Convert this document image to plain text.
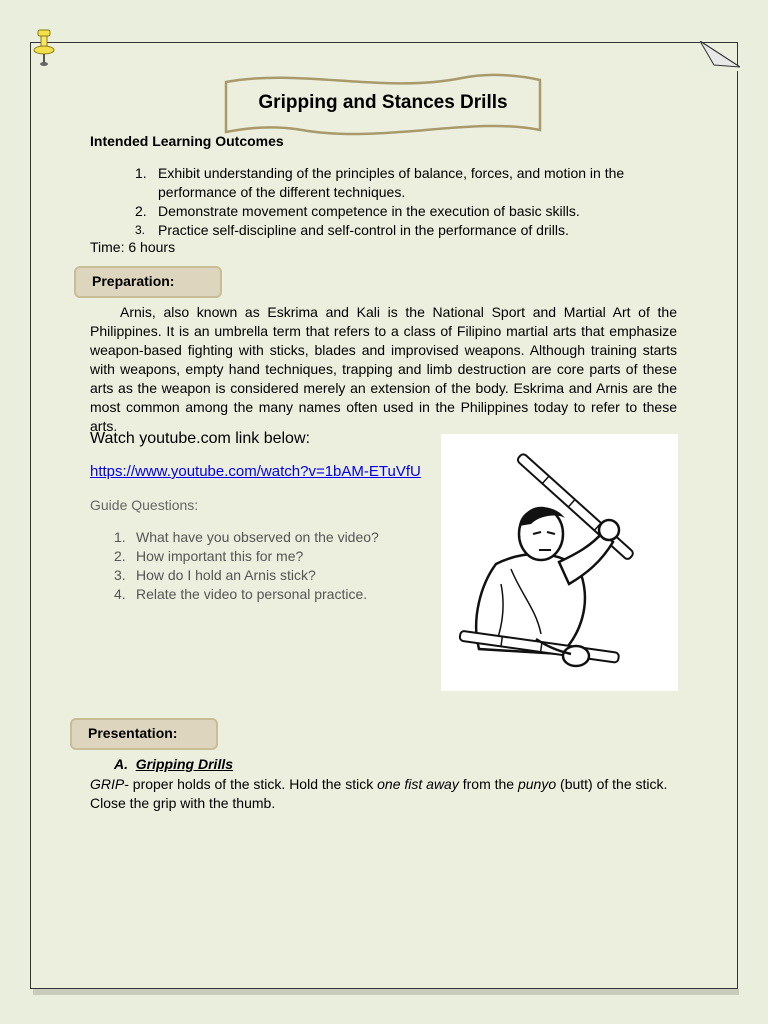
Gripping and Stances Drills
Intended Learning Outcomes
1. Exhibit understanding of the principles of balance, forces, and motion in the performance of the different techniques.
2. Demonstrate movement competence in the execution of basic skills.
3. Practice self-discipline and self-control in the performance of drills.
Time: 6 hours
Preparation:
Arnis, also known as Eskrima and Kali is the National Sport and Martial Art of the Philippines. It is an umbrella term that refers to a class of Filipino martial arts that emphasize weapon-based fighting with sticks, blades and improvised weapons. Although training starts with weapons, empty hand techniques, trapping and limb destruction are core parts of these arts as the weapon is considered merely an extension of the body. Eskrima and Arnis are the most common among the many names often used in the Philippines today to refer to these arts.
Watch youtube.com link below:
https://www.youtube.com/watch?v=1bAM-ETuVfU
Guide Questions:
1. What have you observed on the video?
2. How important this for me?
3. How do I hold an Arnis stick?
4. Relate the video to personal practice.
Presentation:
A. Gripping Drills
GRIP- proper holds of the stick. Hold the stick one fist away from the punyo (butt) of the stick. Close the grip with the thumb.
